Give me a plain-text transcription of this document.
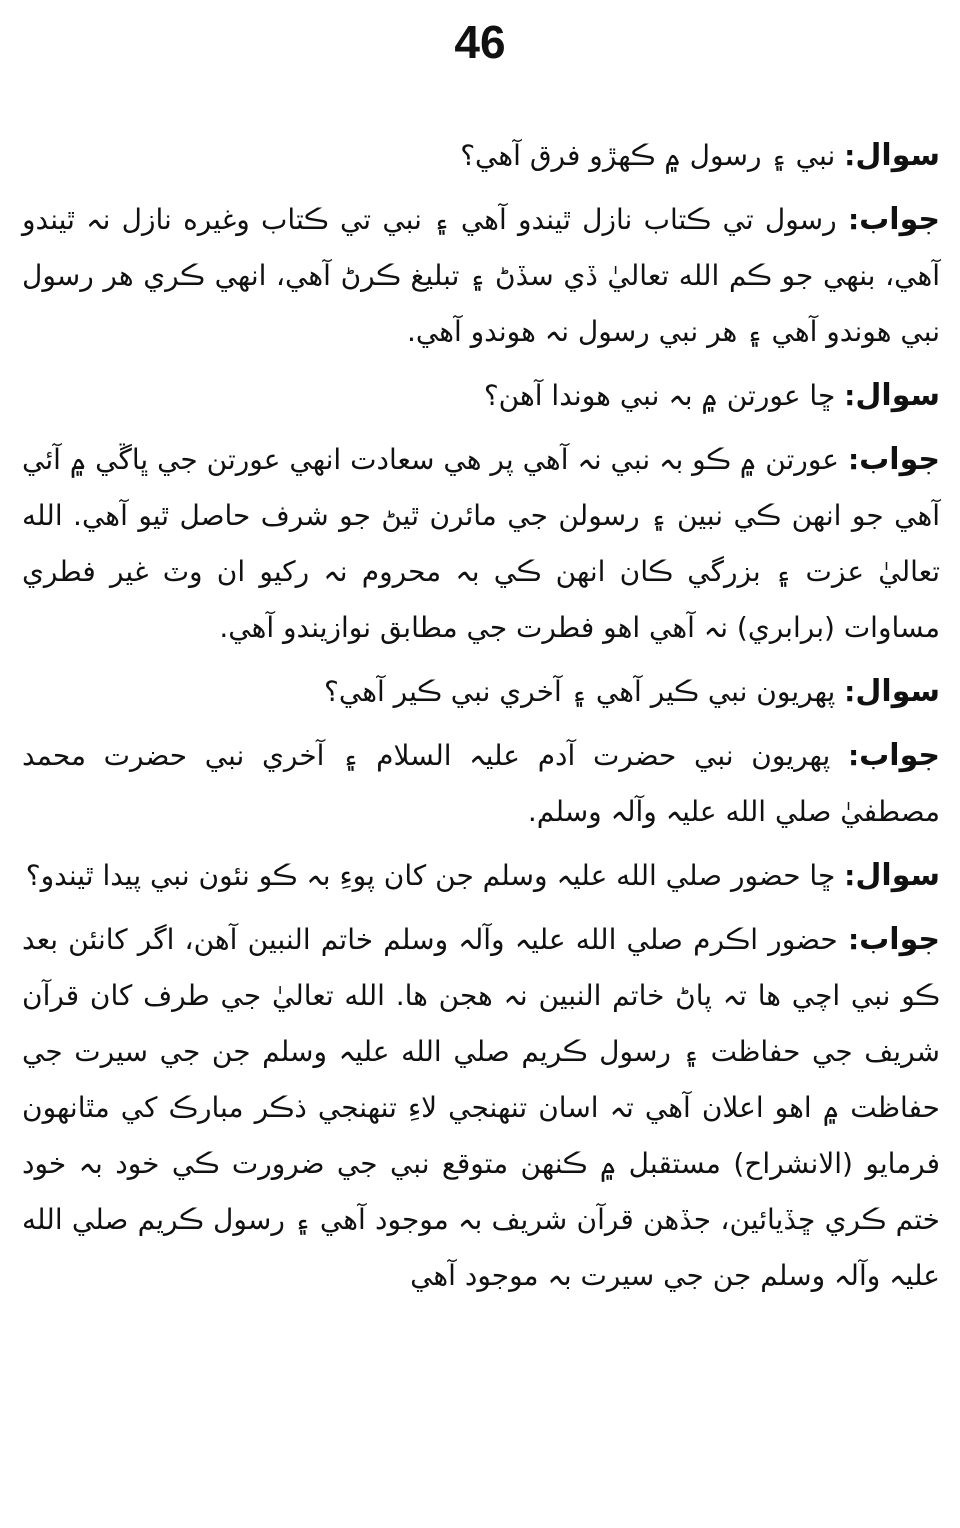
46

سوال: نبي ۽ رسول ۾ ڪھڙو فرق آھي؟

جواب: رسول تي ڪتاب نازل ٿيندو آھي ۽ نبي تي ڪتاب وغيره نازل نہ ٿيندو آھي، بنھي جو ڪم الله تعاليٰ ڏي سڏڻ ۽ تبليغ ڪرڻ آھي، انھي ڪري ھر رسول نبي ھوندو آھي ۽ ھر نبي رسول نہ ھوندو آھي.

سوال: ڇا عورتن ۾ بہ نبي ھوندا آھن؟

جواب: عورتن ۾ ڪو بہ نبي نہ آھي پر ھي سعادت انھي عورتن جي ڀاڱي ۾ آئي آھي جو انھن ڪي نبين ۽ رسولن جي مائرن ٿيڻ جو شرف حاصل ٿيو آھي. الله تعاليٰ عزت ۽ بزرگي ڪان انھن ڪي بہ محروم نہ رکيو ان وٽ غير فطري مساوات (برابري) نہ آھي اھو فطرت جي مطابق نوازيندو آھي.

سوال: پھريون نبي ڪير آھي ۽ آخري نبي ڪير آھي؟

جواب: پھريون نبي حضرت آدم عليہ السلام ۽ آخري نبي حضرت محمد مصطفيٰ صلي الله عليہ وآلہ وسلم.

سوال: ڇا حضور صلي الله عليہ وسلم جن کان پوءِ بہ ڪو نئون نبي پيدا ٿيندو؟

جواب: حضور اڪرم صلي الله عليہ وآلہ وسلم خاتم النبين آھن، اگر کانئن بعد ڪو نبي اچي ھا تہ پاڻ خاتم النبين نہ ھجن ھا. الله تعاليٰ جي طرف کان قرآن شريف جي حفاظت ۽ رسول ڪريم صلي الله عليہ وسلم جن جي سيرت جي حفاظت ۾ اھو اعلان آھي تہ اسان تنھنجي لاءِ تنھنجي ذڪر مبارڪ کي مٿانھون فرمايو (الانشراح) مستقبل ۾ ڪنھن متوقع نبي جي ضرورت ڪي خود بہ خود ختم ڪري ڇڏيائين، جڏھن قرآن شريف بہ موجود آھي ۽ رسول ڪريم صلي الله عليہ وآلہ وسلم جن جي سيرت بہ موجود آھي
